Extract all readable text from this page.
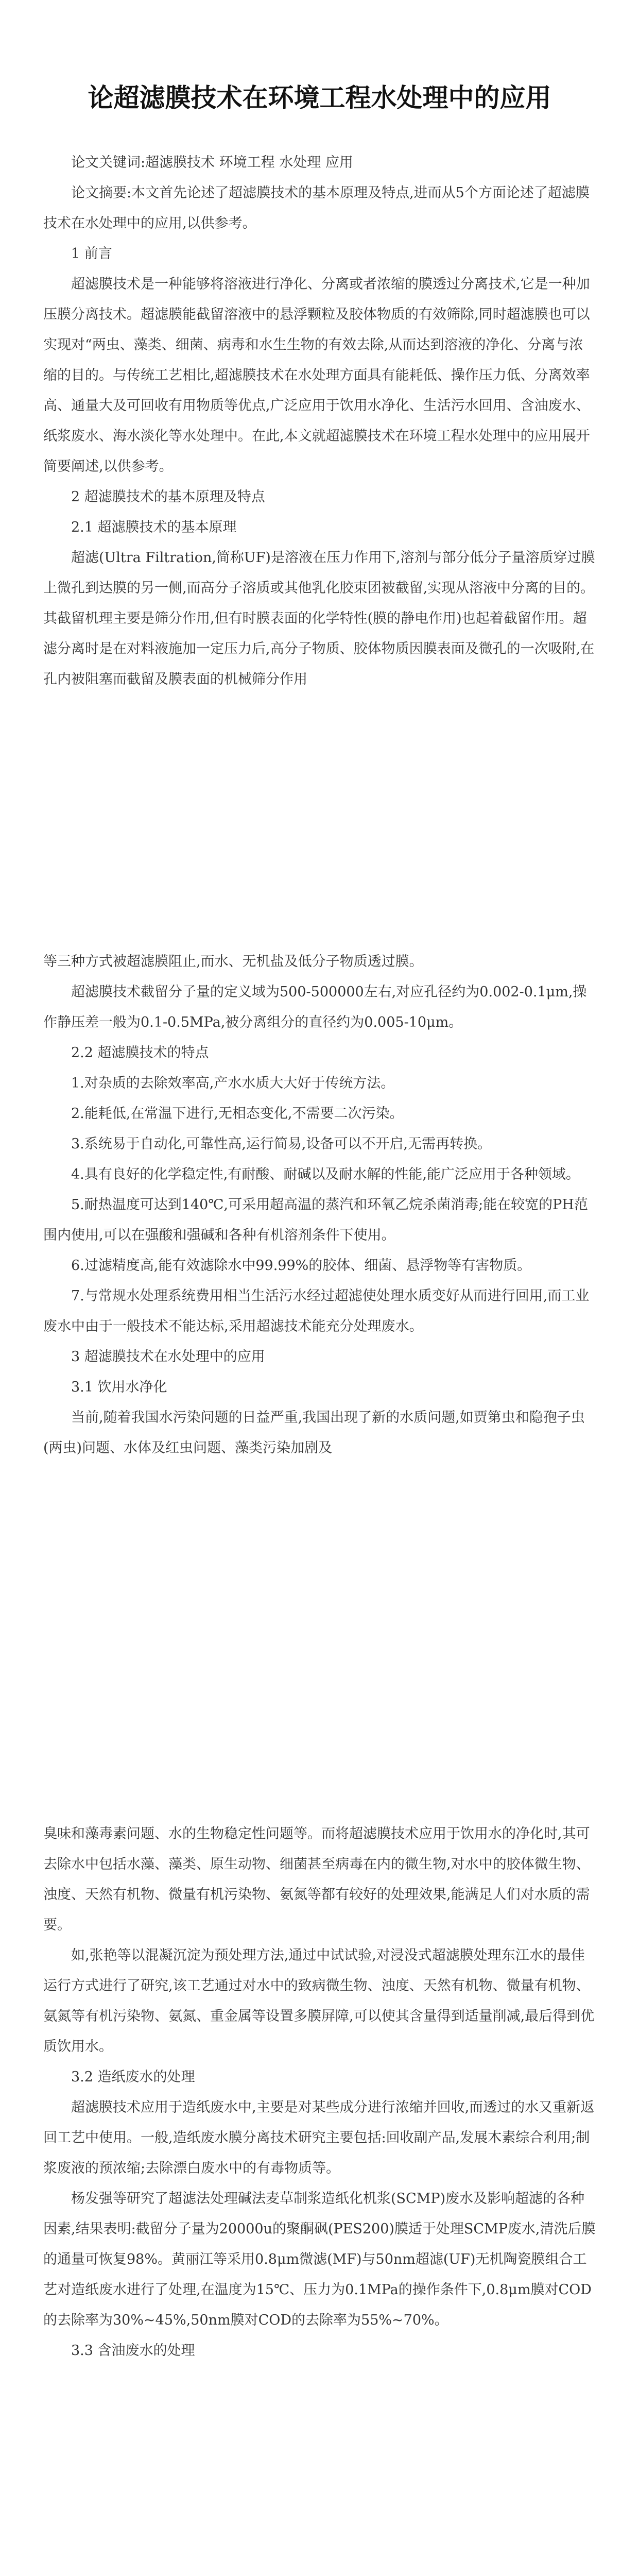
论超滤膜技术在环境工程水处理中的应用

论文关键词:超滤膜技术 环境工程 水处理 应用

论文摘要:本文首先论述了超滤膜技术的基本原理及特点,进而从5个方面论述了超滤膜技术在水处理中的应用,以供参考。

1 前言

超滤膜技术是一种能够将溶液进行净化、分离或者浓缩的膜透过分离技术,它是一种加压膜分离技术。超滤膜能截留溶液中的悬浮颗粒及胶体物质的有效筛除,同时超滤膜也可以实现对“两虫、藻类、细菌、病毒和水生生物的有效去除,从而达到溶液的净化、分离与浓缩的目的。与传统工艺相比,超滤膜技术在水处理方面具有能耗低、操作压力低、分离效率高、通量大及可回收有用物质等优点,广泛应用于饮用水净化、生活污水回用、含油废水、纸浆废水、海水淡化等水处理中。在此,本文就超滤膜技术在环境工程水处理中的应用展开简要阐述,以供参考。

2 超滤膜技术的基本原理及特点

2.1 超滤膜技术的基本原理

超滤(Ultra Filtration,简称UF)是溶液在压力作用下,溶剂与部分低分子量溶质穿过膜上微孔到达膜的另一侧,而高分子溶质或其他乳化胶束团被截留,实现从溶液中分离的目的。其截留机理主要是筛分作用,但有时膜表面的化学特性(膜的静电作用)也起着截留作用。超滤分离时是在对料液施加一定压力后,高分子物质、胶体物质因膜表面及微孔的一次吸附,在孔内被阻塞而截留及膜表面的机械筛分作用

等三种方式被超滤膜阻止,而水、无机盐及低分子物质透过膜。

超滤膜技术截留分子量的定义域为500-500000左右,对应孔径约为0.002-0.1μm,操作静压差一般为0.1-0.5MPa,被分离组分的直径约为0.005-10μm。

2.2 超滤膜技术的特点

1.对杂质的去除效率高,产水水质大大好于传统方法。

2.能耗低,在常温下进行,无相态变化,不需要二次污染。

3.系统易于自动化,可靠性高,运行简易,设备可以不开启,无需再转换。

4.具有良好的化学稳定性,有耐酸、耐碱以及耐水解的性能,能广泛应用于各种领域。

5.耐热温度可达到140℃,可采用超高温的蒸汽和环氧乙烷杀菌消毒;能在较宽的PH范围内使用,可以在强酸和强碱和各种有机溶剂条件下使用。

6.过滤精度高,能有效滤除水中99.99%的胶体、细菌、悬浮物等有害物质。

7.与常规水处理系统费用相当生活污水经过超滤使处理水质变好从而进行回用,而工业废水中由于一般技术不能达标,采用超滤技术能充分处理废水。

3 超滤膜技术在水处理中的应用

3.1 饮用水净化

当前,随着我国水污染问题的日益严重,我国出现了新的水质问题,如贾第虫和隐孢子虫(两虫)问题、水体及红虫问题、藻类污染加剧及

臭味和藻毒素问题、水的生物稳定性问题等。而将超滤膜技术应用于饮用水的净化时,其可去除水中包括水藻、藻类、原生动物、细菌甚至病毒在内的微生物,对水中的胶体微生物、浊度、天然有机物、微量有机污染物、氨氮等都有较好的处理效果,能满足人们对水质的需要。

如,张艳等以混凝沉淀为预处理方法,通过中试试验,对浸没式超滤膜处理东江水的最佳运行方式进行了研究,该工艺通过对水中的致病微生物、浊度、天然有机物、微量有机物、氨氮等有机污染物、氨氮、重金属等设置多膜屏障,可以使其含量得到适量削减,最后得到优质饮用水。

3.2 造纸废水的处理

超滤膜技术应用于造纸废水中,主要是对某些成分进行浓缩并回收,而透过的水又重新返回工艺中使用。一般,造纸废水膜分离技术研究主要包括:回收副产品,发展木素综合利用;制浆废液的预浓缩;去除漂白废水中的有毒物质等。

杨发强等研究了超滤法处理碱法麦草制浆造纸化机浆(SCMP)废水及影响超滤的各种因素,结果表明:截留分子量为20000u的聚酮砜(PES200)膜适于处理SCMP废水,清洗后膜的通量可恢复98%。黄丽江等采用0.8μm微滤(MF)与50nm超滤(UF)无机陶瓷膜组合工艺对造纸废水进行了处理,在温度为15℃、压力为0.1MPa的操作条件下,0.8μm膜对COD的去除率为30%~45%,50nm膜对COD的去除率为55%~70%。

3.3 含油废水的处理
